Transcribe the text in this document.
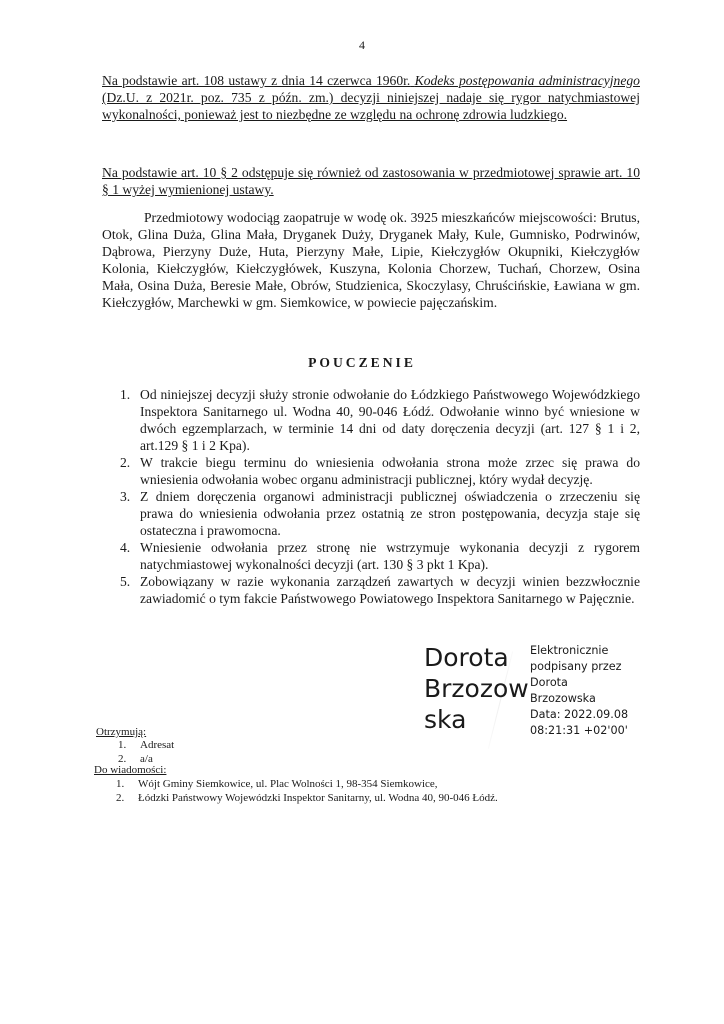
4
Na podstawie art. 108 ustawy z dnia 14 czerwca 1960r. Kodeks postępowania administracyjnego (Dz.U. z 2021r. poz. 735 z późn. zm.) decyzji niniejszej nadaje się rygor natychmiastowej wykonalności, ponieważ jest to niezbędne ze względu na ochronę zdrowia ludzkiego.
Na podstawie art. 10 § 2 odstępuje się również od zastosowania w przedmiotowej sprawie art. 10 § 1 wyżej wymienionej ustawy.
Przedmiotowy wodociąg zaopatruje w wodę ok. 3925 mieszkańców miejscowości: Brutus, Otok, Glina Duża, Glina Mała, Dryganek Duży, Dryganek Mały, Kule, Gumnisko, Podrwinów, Dąbrowa, Pierzyny Duże, Huta, Pierzyny Małe, Lipie, Kiełczygłów Okupniki, Kiełczygłów Kolonia, Kiełczygłów, Kiełczygłówek, Kuszyna, Kolonia Chorzew, Tuchań, Chorzew, Osina Mała, Osina Duża, Beresie Małe, Obrów, Studzienica, Skoczylasy, Chruścińskie, Ławiana w gm. Kiełczygłów, Marchewki w gm. Siemkowice, w powiecie pajęczańskim.
POUCZENIE
1. Od niniejszej decyzji służy stronie odwołanie do Łódzkiego Państwowego Wojewódzkiego Inspektora Sanitarnego ul. Wodna 40, 90-046 Łódź. Odwołanie winno być wniesione w dwóch egzemplarzach, w terminie 14 dni od daty doręczenia decyzji (art. 127 § 1 i 2, art.129 § 1 i 2 Kpa).
2. W trakcie biegu terminu do wniesienia odwołania strona może zrzec się prawa do wniesienia odwołania wobec organu administracji publicznej, który wydał decyzję.
3. Z dniem doręczenia organowi administracji publicznej oświadczenia o zrzeczeniu się prawa do wniesienia odwołania przez ostatnią ze stron postępowania, decyzja staje się ostateczna i prawomocna.
4. Wniesienie odwołania przez stronę nie wstrzymuje wykonania decyzji z rygorem natychmiastowej wykonalności decyzji (art. 130 § 3 pkt 1 Kpa).
5. Zobowiązany w razie wykonania zarządzeń zawartych w decyzji winien bezzwłocznie zawiadomić o tym fakcie Państwowego Powiatowego Inspektora Sanitarnego w Pajęcznie.
Dorota Brzozowska
Elektronicznie
podpisany przez
Dorota
Brzozowska
Data: 2022.09.08
08:21:31 +02'00'
Otrzymują:
1. Adresat
2. a/a
Do wiadomości:
1. Wójt Gminy Siemkowice, ul. Plac Wolności 1, 98-354 Siemkowice,
2. Łódzki Państwowy Wojewódzki Inspektor Sanitarny, ul. Wodna 40, 90-046 Łódź.
